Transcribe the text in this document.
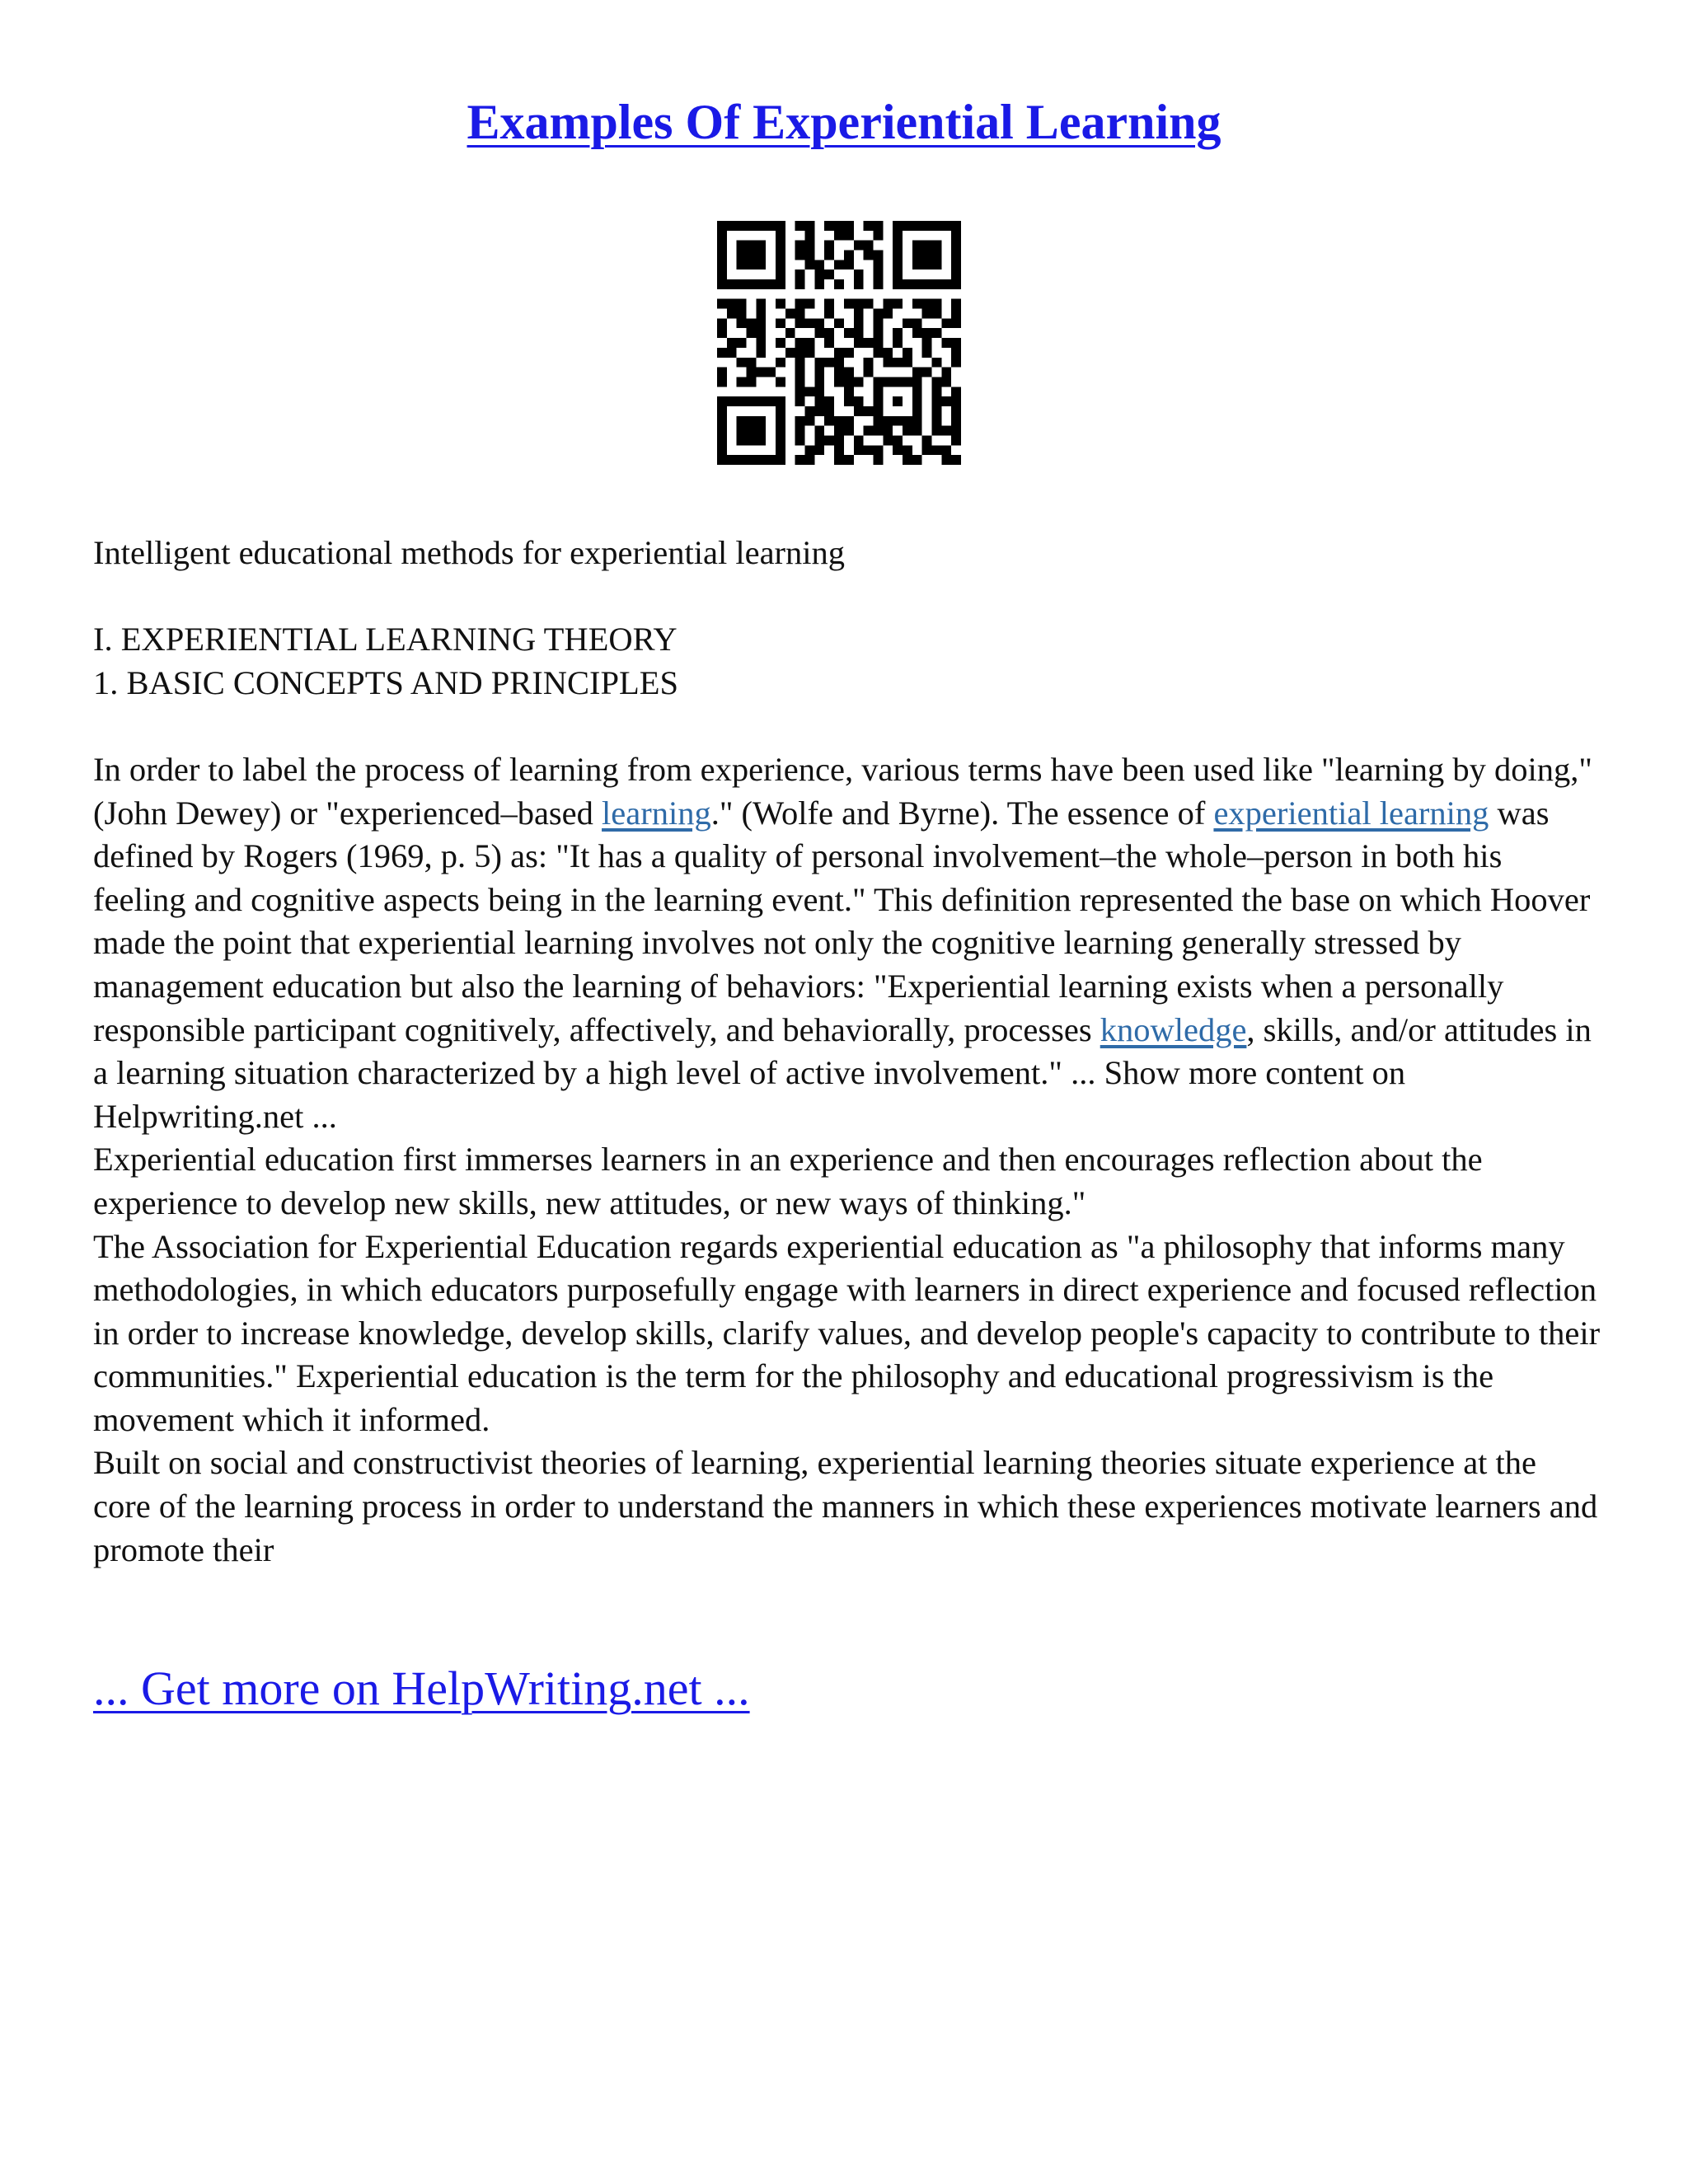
Examples Of Experiential Learning

Intelligent educational methods for experiential learning

I. EXPERIENTIAL LEARNING THEORY

1. BASIC CONCEPTS AND PRINCIPLES

In order to label the process of learning from experience, various terms have been used like "learning by doing," (John Dewey) or "experienced–based learning." (Wolfe and Byrne). The essence of experiential learning was defined by Rogers (1969, p. 5) as: "It has a quality of personal involvement–the whole–person in both his feeling and cognitive aspects being in the learning event." This definition represented the base on which Hoover made the point that experiential learning involves not only the cognitive learning generally stressed by management education but also the learning of behaviors: "Experiential learning exists when a personally responsible participant cognitively, affectively, and behaviorally, processes knowledge, skills, and/or attitudes in a learning situation characterized by a high level of active involvement." ... Show more content on Helpwriting.net ...

Experiential education first immerses learners in an experience and then encourages reflection about the experience to develop new skills, new attitudes, or new ways of thinking."

The Association for Experiential Education regards experiential education as "a philosophy that informs many methodologies, in which educators purposefully engage with learners in direct experience and focused reflection in order to increase knowledge, develop skills, clarify values, and develop people's capacity to contribute to their communities." Experiential education is the term for the philosophy and educational progressivism is the movement which it informed.

Built on social and constructivist theories of learning, experiential learning theories situate experience at the core of the learning process in order to understand the manners in which these experiences motivate learners and promote their

... Get more on HelpWriting.net ...
